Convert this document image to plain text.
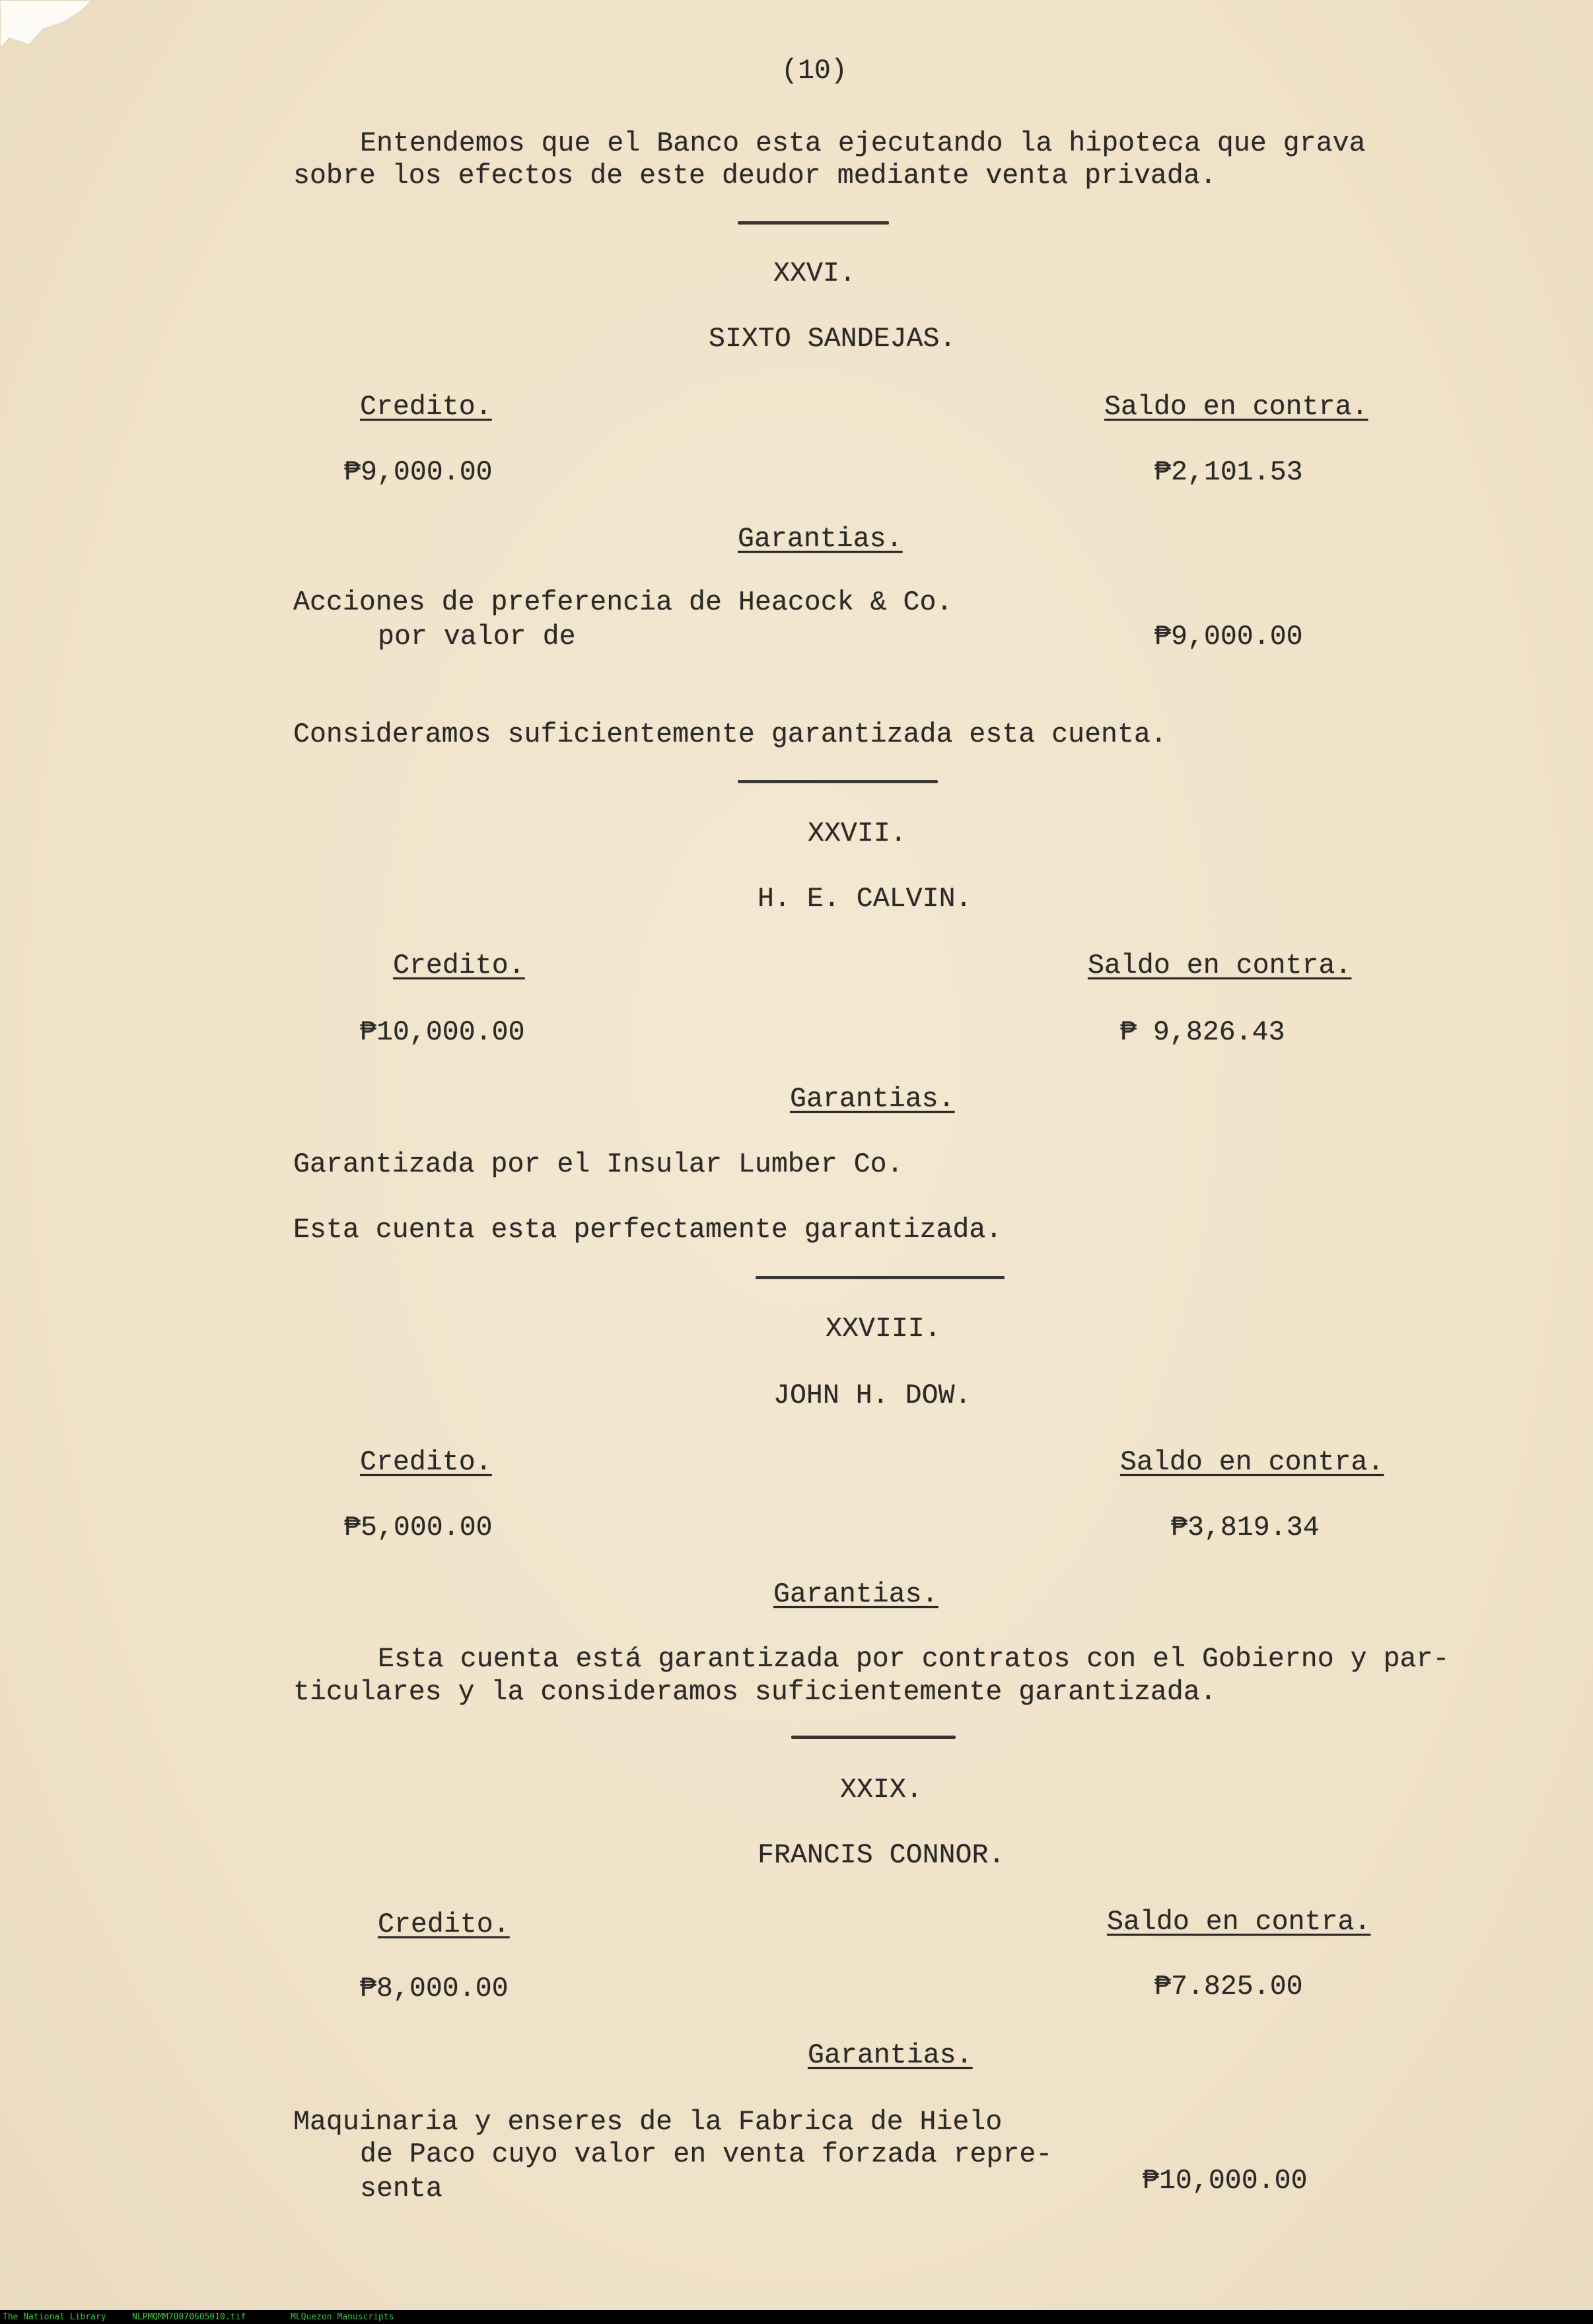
(10)
Entendemos que el Banco esta ejecutando la hipoteca que grava
sobre los efectos de este deudor mediante venta privada.
XXVI.
SIXTO SANDEJAS.
Credito.	Saldo en contra.
₱9,000.00	₱2,101.53
Garantias.
Acciones de preferencia de Heacock & Co.
por valor de	₱9,000.00
Consideramos suficientemente garantizada esta cuenta.
XXVII.
H. E. CALVIN.
Credito.	Saldo en contra.
₱10,000.00	₱ 9,826.43
Garantias.
Garantizada por el Insular Lumber Co.
Esta cuenta esta perfectamente garantizada.
XXVIII.
JOHN H. DOW.
Credito.	Saldo en contra.
₱5,000.00	₱3,819.34
Garantias.
Esta cuenta está garantizada por contratos con el Gobierno y par-
ticulares y la consideramos suficientemente garantizada.
XXIX.
FRANCIS CONNOR.
Credito.	Saldo en contra.
₱8,000.00	₱7.825.00
Garantias.
Maquinaria y enseres de la Fabrica de Hielo
de Paco cuyo valor en venta forzada repre-
senta	₱10,000.00
The National Library	NLPMQMM70070605010.tif	MLQuezon Manuscripts
